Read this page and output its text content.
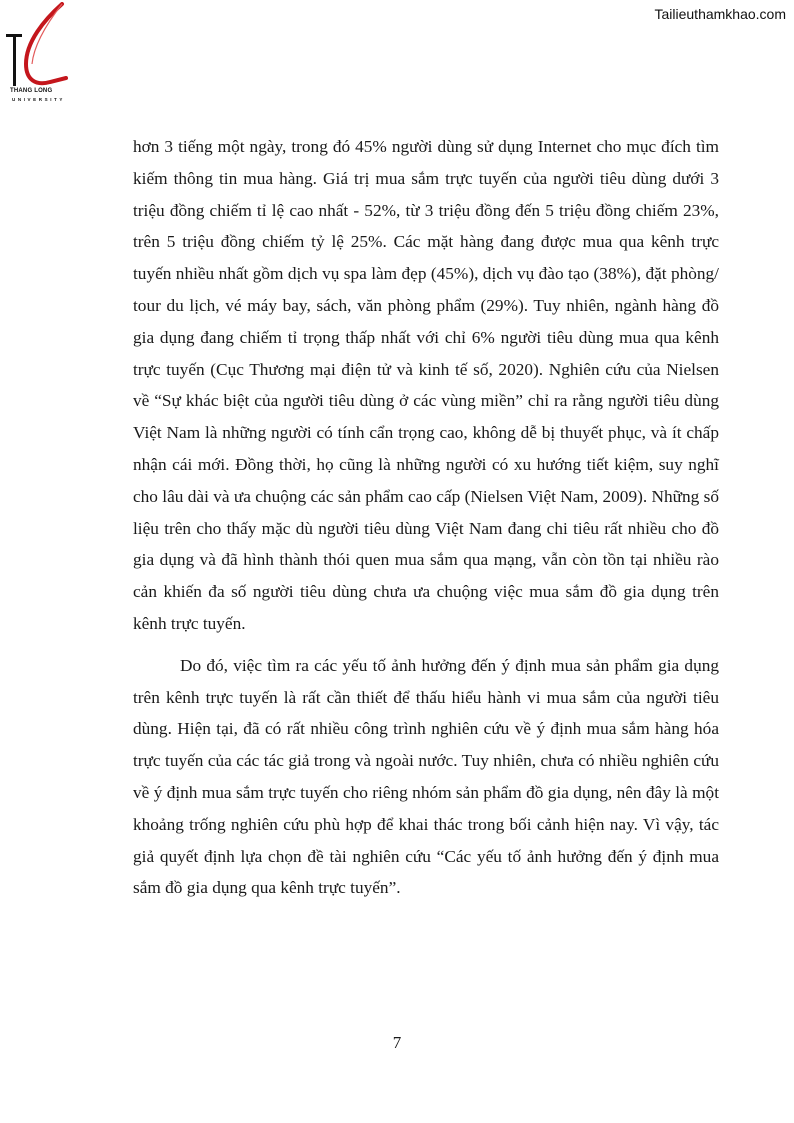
THANG LONG
UNIVERSITY
Tailieuthamkhao.com

hơn 3 tiếng một ngày, trong đó 45% người dùng sử dụng Internet cho mục đích tìm kiếm thông tin mua hàng. Giá trị mua sắm trực tuyến của người tiêu dùng dưới 3 triệu đồng chiếm tỉ lệ cao nhất - 52%, từ 3 triệu đồng đến 5 triệu đồng chiếm 23%, trên 5 triệu đồng chiếm tỷ lệ 25%. Các mặt hàng đang được mua qua kênh trực tuyến nhiều nhất gồm dịch vụ spa làm đẹp (45%), dịch vụ đào tạo (38%), đặt phòng/ tour du lịch, vé máy bay, sách, văn phòng phẩm (29%). Tuy nhiên, ngành hàng đồ gia dụng đang chiếm tỉ trọng thấp nhất với chỉ 6% người tiêu dùng mua qua kênh trực tuyến (Cục Thương mại điện tử và kinh tế số, 2020). Nghiên cứu của Nielsen về “Sự khác biệt của người tiêu dùng ở các vùng miền” chỉ ra rằng người tiêu dùng Việt Nam là những người có tính cẩn trọng cao, không dễ bị thuyết phục, và ít chấp nhận cái mới. Đồng thời, họ cũng là những người có xu hướng tiết kiệm, suy nghĩ cho lâu dài và ưa chuộng các sản phẩm cao cấp (Nielsen Việt Nam, 2009). Những số liệu trên cho thấy mặc dù người tiêu dùng Việt Nam đang chi tiêu rất nhiều cho đồ gia dụng và đã hình thành thói quen mua sắm qua mạng, vẫn còn tồn tại nhiều rào cản khiến đa số người tiêu dùng chưa ưa chuộng việc mua sắm đồ gia dụng trên kênh trực tuyến.

Do đó, việc tìm ra các yếu tố ảnh hưởng đến ý định mua sản phẩm gia dụng trên kênh trực tuyến là rất cần thiết để thấu hiểu hành vi mua sắm của người tiêu dùng. Hiện tại, đã có rất nhiều công trình nghiên cứu về ý định mua sắm hàng hóa trực tuyến của các tác giả trong và ngoài nước. Tuy nhiên, chưa có nhiều nghiên cứu về ý định mua sắm trực tuyến cho riêng nhóm sản phẩm đồ gia dụng, nên đây là một khoảng trống nghiên cứu phù hợp để khai thác trong bối cảnh hiện nay. Vì vậy, tác giả quyết định lựa chọn đề tài nghiên cứu “Các yếu tố ảnh hưởng đến ý định mua sắm đồ gia dụng qua kênh trực tuyến”.

7
